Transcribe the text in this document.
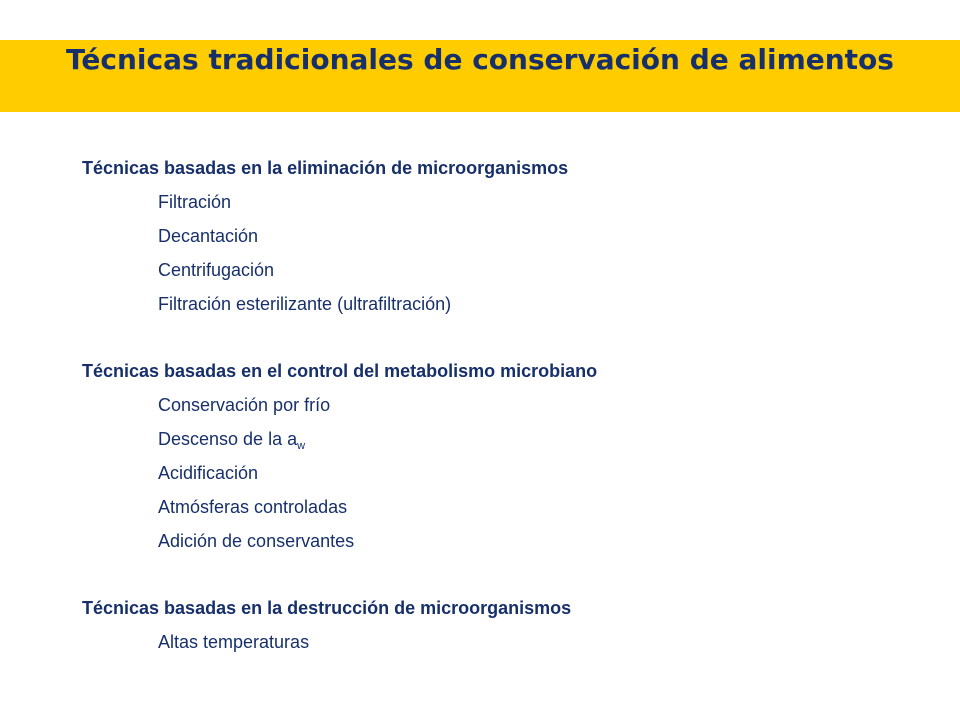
Técnicas tradicionales de conservación de alimentos
Técnicas basadas en la eliminación de microorganismos
Filtración
Decantación
Centrifugación
Filtración esterilizante (ultrafiltración)
Técnicas basadas en el control del metabolismo microbiano
Conservación por frío
Descenso de la $a_w$
Acidificación
Atmósferas controladas
Adición de conservantes
Técnicas basadas en la destrucción de microorganismos
Altas temperaturas
